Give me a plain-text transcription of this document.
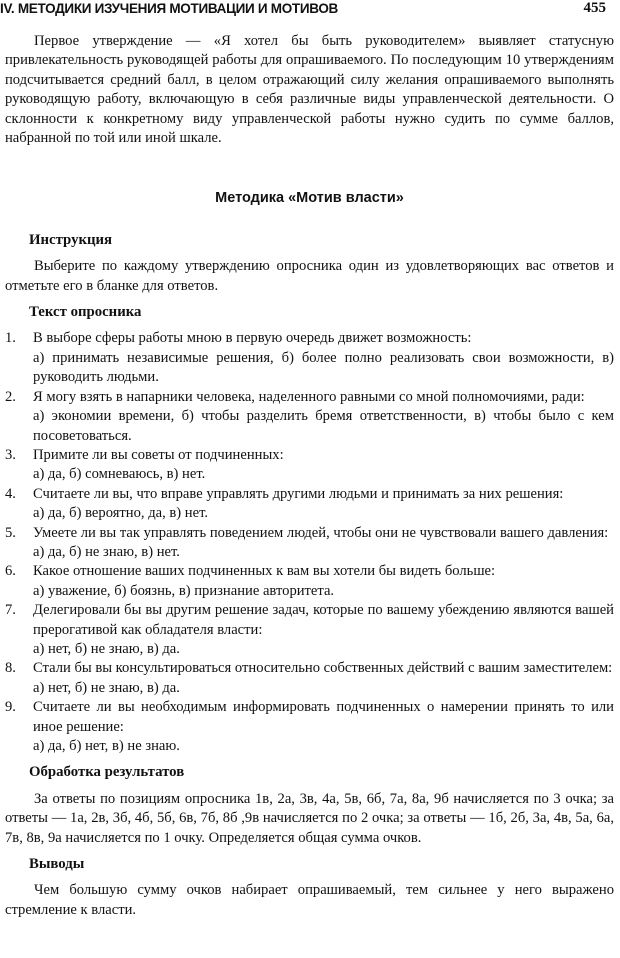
IV. МЕТОДИКИ ИЗУЧЕНИЯ МОТИВАЦИИ И МОТИВОВ	455

Первое утверждение — «Я хотел бы быть руководителем» выявляет статусную привлекательность руководящей работы для опрашиваемого. По последующим 10 утверждениям подсчитывается средний балл, в целом отражающий силу желания опрашиваемого выполнять руководящую работу, включающую в себя различные виды управленческой деятельности. О склонности к конкретному виду управленческой работы нужно судить по сумме баллов, набранной по той или иной шкале.

Методика «Мотив власти»
Инструкция

Выберите по каждому утверждению опросника один из удовлетворяющих вас ответов и отметьте его в бланке для ответов.

Текст опросника
1. В выборе сферы работы мною в первую очередь движет возможность:
а) принимать независимые решения, б) более полно реализовать свои возможности, в) руководить людьми.
2. Я могу взять в напарники человека, наделенного равными со мной полномочиями, ради:
а) экономии времени, б) чтобы разделить бремя ответственности, в) чтобы было с кем посоветоваться.
3. Примите ли вы советы от подчиненных:
а) да, б) сомневаюсь, в) нет.
4. Считаете ли вы, что вправе управлять другими людьми и принимать за них решения:
а) да, б) вероятно, да, в) нет.
5. Умеете ли вы так управлять поведением людей, чтобы они не чувствовали вашего давления:
а) да, б) не знаю, в) нет.
6. Какое отношение ваших подчиненных к вам вы хотели бы видеть больше:
а) уважение, б) боязнь, в) признание авторитета.
7. Делегировали бы вы другим решение задач, которые по вашему убеждению являются вашей прерогативой как обладателя власти:
а) нет, б) не знаю, в) да.
8. Стали бы вы консультироваться относительно собственных действий с вашим заместителем:
а) нет, б) не знаю, в) да.
9. Считаете ли вы необходимым информировать подчиненных о намерении принять то или иное решение:
а) да, б) нет, в) не знаю.
Обработка результатов

За ответы по позициям опросника 1в, 2а, 3в, 4а, 5в, 6б, 7а, 8а, 9б начисляется по 3 очка; за ответы — 1а, 2в, 3б, 4б, 5б, 6в, 7б, 8б ,9в начисляется по 2 очка; за ответы — 1б, 2б, 3а, 4в, 5а, 6а, 7в, 8в, 9а начисляется по 1 очку. Определяется общая сумма очков.

Выводы

Чем большую сумму очков набирает опрашиваемый, тем сильнее у него выражено стремление к власти.
